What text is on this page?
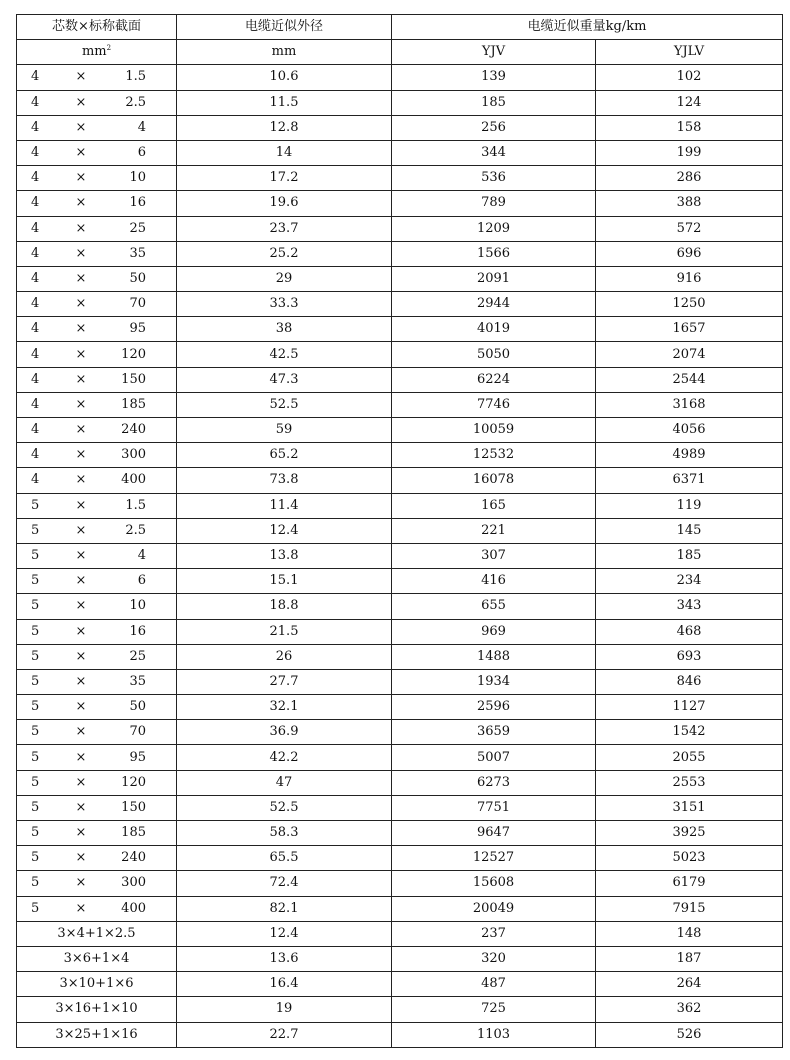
芯数×标称截面	电缆近似外径	电缆近似重量kg/km	
$mm^2$	mm	YJV	YJLV

4 × 1.5	10.6	139	102

4 × 2.5	11.5	185	124

4 × 4	12.8	256	158

4 × 6	14	344	199

4 × 10	17.2	536	286

4 × 16	19.6	789	388

4 × 25	23.7	1209	572

4 × 35	25.2	1566	696

4 × 50	29	2091	916

4 × 70	33.3	2944	1250

4 × 95	38	4019	1657

4 × 120	42.5	5050	2074

4 × 150	47.3	6224	2544

4 × 185	52.5	7746	3168

4 × 240	59	10059	4056

4 × 300	65.2	12532	4989

4 × 400	73.8	16078	6371

5 × 1.5	11.4	165	119

5 × 2.5	12.4	221	145

5 × 4	13.8	307	185

5 × 6	15.1	416	234

5 × 10	18.8	655	343

5 × 16	21.5	969	468

5 × 25	26	1488	693

5 × 35	27.7	1934	846

5 × 50	32.1	2596	1127

5 × 70	36.9	3659	1542

5 × 95	42.2	5007	2055

5 × 120	47	6273	2553

5 × 150	52.5	7751	3151

5 × 185	58.3	9647	3925

5 × 240	65.5	12527	5023

5 × 300	72.4	15608	6179

5 × 400	82.1	20049	7915
3×4+1×2.5	12.4	237	148
3×6+1×4	13.6	320	187
3×10+1×6	16.4	487	264
3×16+1×10	19	725	362
3×25+1×16	22.7	1103	526
